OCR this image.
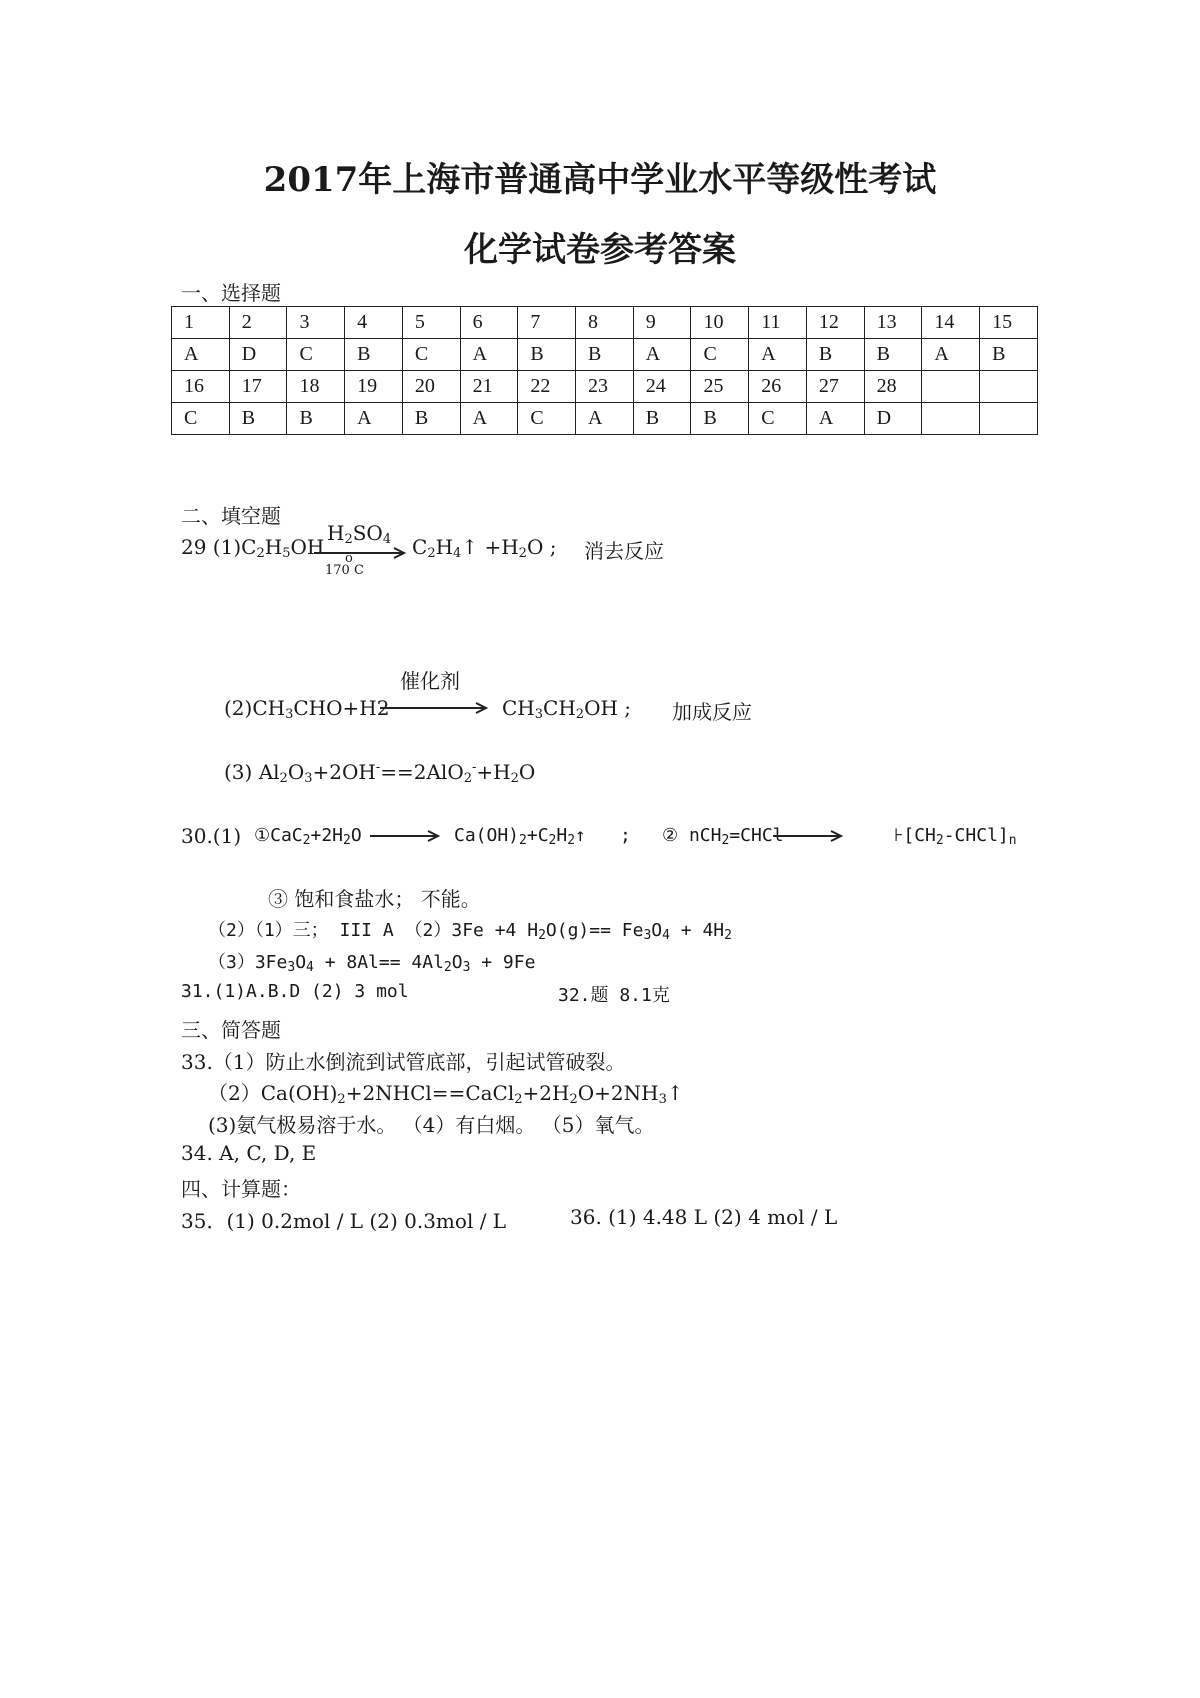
2017年上海市普通高中学业水平等级性考试
化学试卷参考答案
一、选择题
1	2	3	4	5	6	7	8	9	10	11	12	13	14	15
A	D	C	B	C	A	B	B	A	C	A	B	B	A	B
16	17	18	19	20	21	22	23	24	25	26	27	28		
C	B	B	A	B	A	C	A	B	B	C	A	D		
二、填空题
29 $(1)C_2H_5OH$
$H_2SO_4$
o
170 C
$C_2H_4↑ +H_2O$ ; 消去反应
催化剂
$(2)CH_3CHO+H2$	$CH_3CH_2OH$ ; 加成反应
(3) $Al_2O_3+2OH^-==2AlO_2^-+H_2O$
30.(1) $①CaC_2+2H_2O$	$Ca(OH)_2+C_2H_2↑$ ; ② nCH$_2$=CHCl	$⊦[CH_2-CHCl]_n$
③ 饱和食盐水； 不能。
（2）（1）三； III A （2）3Fe +4 $H_2O(g)== Fe_3O_4 + 4H_2$
$(3)3Fe_3O_4 + 8Al== 4Al_2O_3 + 9Fe$
31.(1)A.B.D (2) 3 mol	32.题 8.1克
三、简答题
33.（1）防止水倒流到试管底部，引起试管破裂。
$(2)Ca(OH)_2+2NHCl==CaCl_2+2H_2O+2NH_3↑$
(3)氨气极易溶于水。 （4）有白烟。 （5）氧气。
34. A, C, D, E
四、计算题：
35．(1) 0.2mol / L (2) 0.3mol / L	36. (1) 4.48 L (2) 4 mol / L
